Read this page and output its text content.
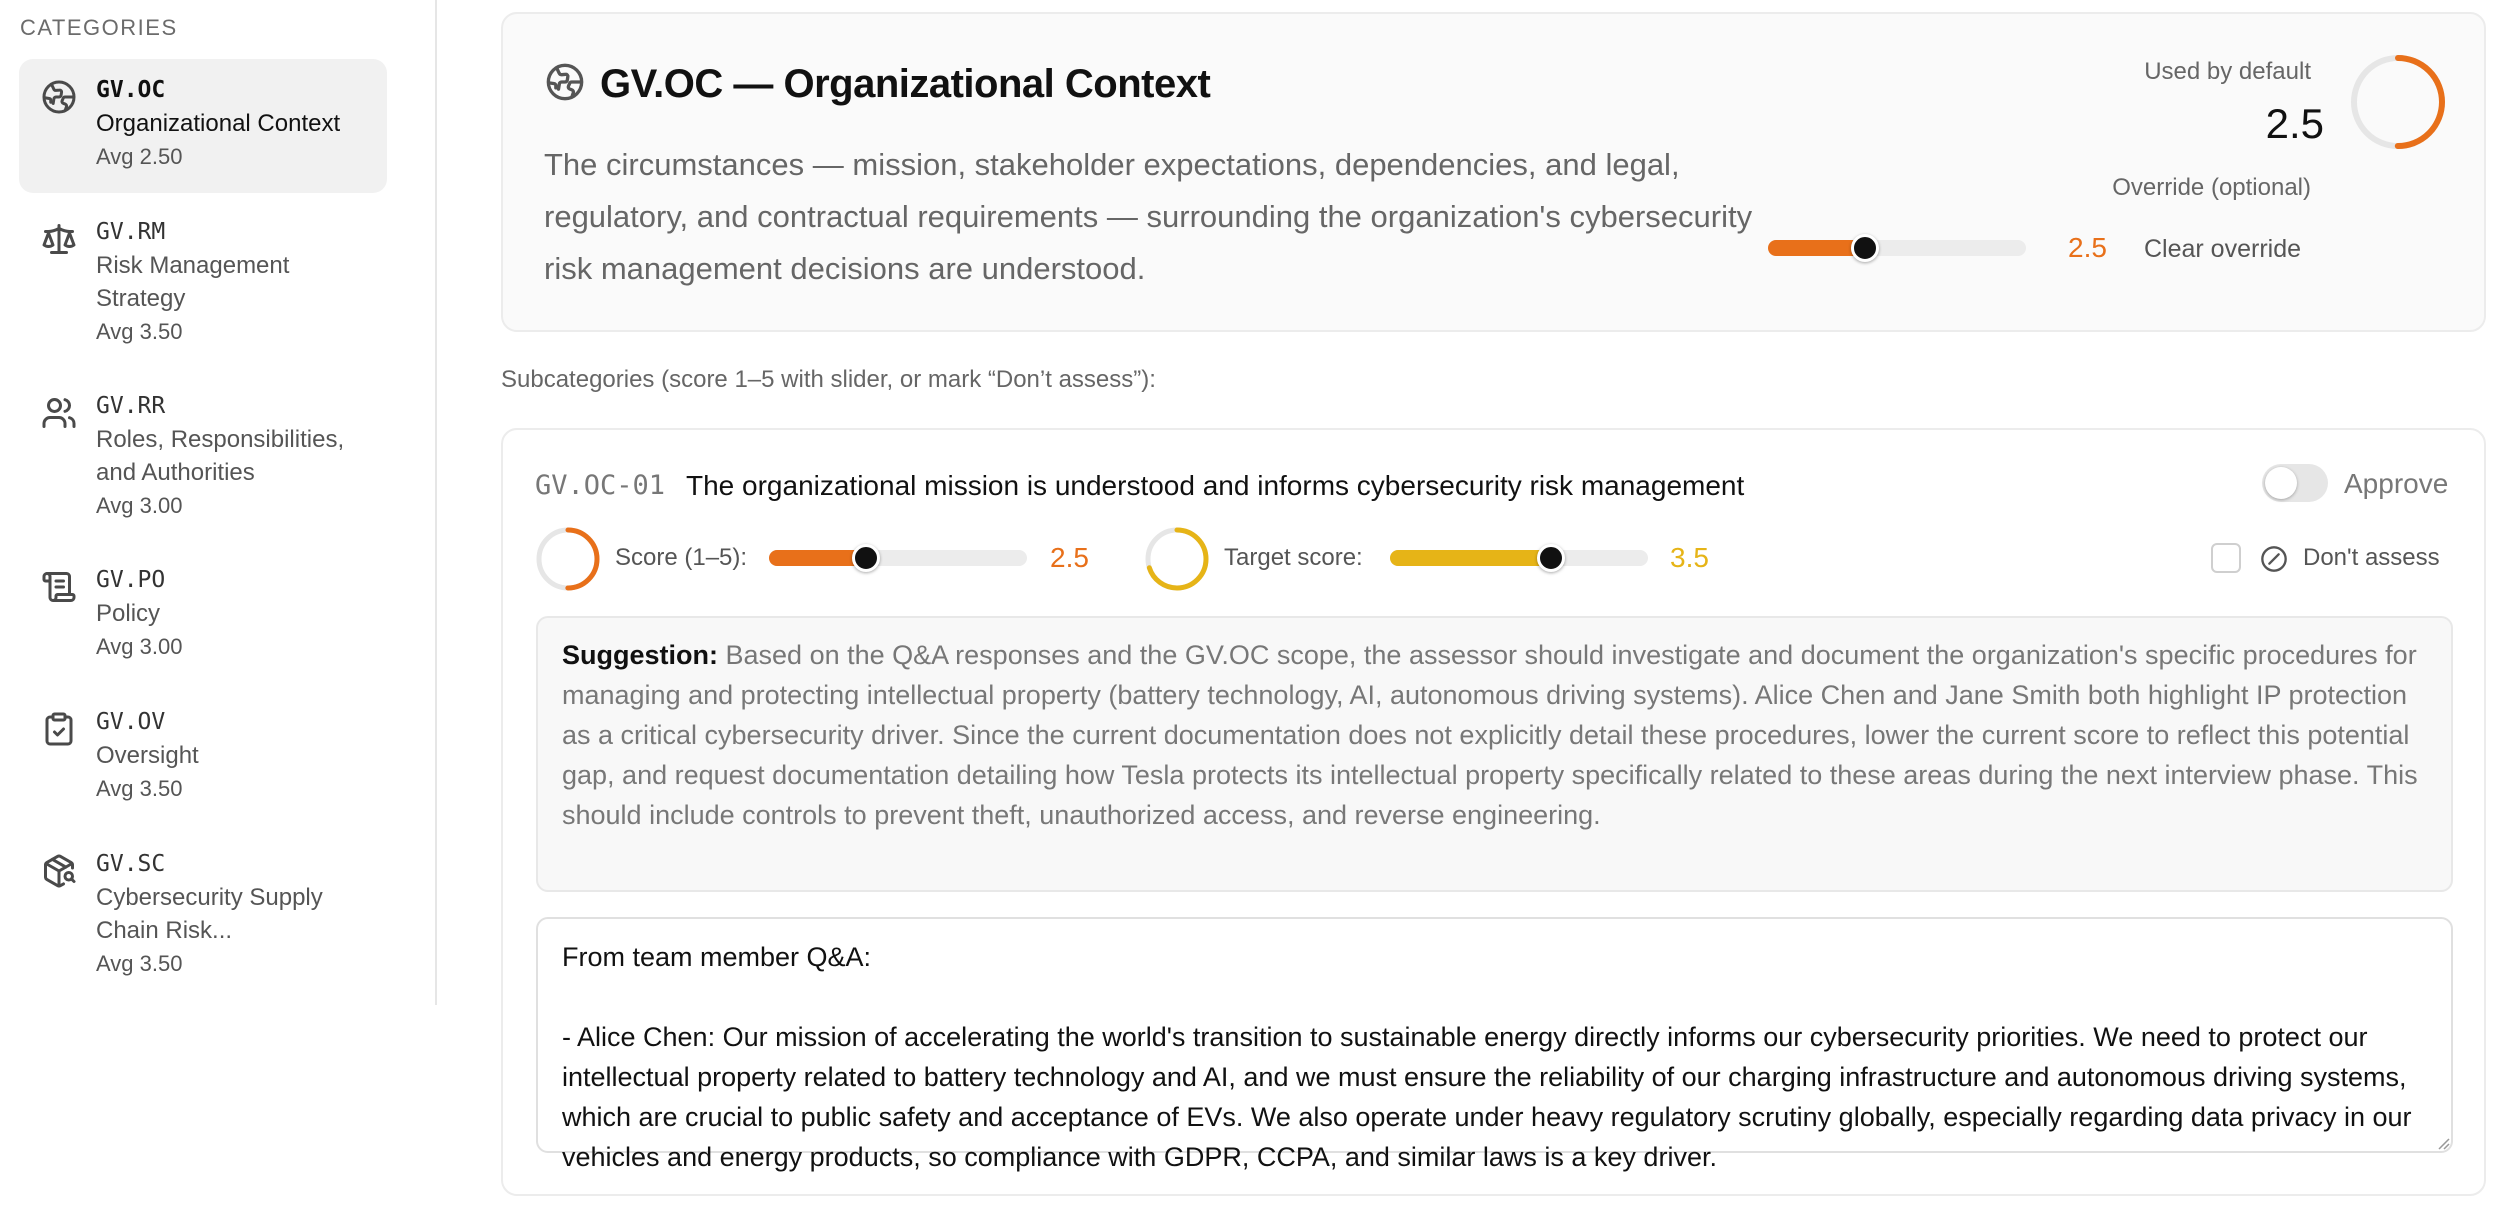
CATEGORIES
GV.OC
Organizational Context
Avg 2.50
GV.RM
Risk Management Strategy
Avg 3.50
GV.RR
Roles, Responsibilities, and Authorities
Avg 3.00
GV.PO
Policy
Avg 3.00
GV.OV
Oversight
Avg 3.50
GV.SC
Cybersecurity Supply Chain Risk...
Avg 3.50
GV.OC — Organizational Context
The circumstances — mission, stakeholder expectations, dependencies, and legal, regulatory, and contractual requirements — surrounding the organization's cybersecurity risk management decisions are understood.
Used by default
2.5
Override (optional)
2.5 Clear override
Subcategories (score 1–5 with slider, or mark “Don’t assess”):
GV.OC-01 The organizational mission is understood and informs cybersecurity risk management	Approve
Score (1–5):	2.5	Target score:	3.5	Don't assess
Suggestion: Based on the Q&A responses and the GV.OC scope, the assessor should investigate and document the organization's specific procedures for managing and protecting intellectual property (battery technology, AI, autonomous driving systems). Alice Chen and Jane Smith both highlight IP protection as a critical cybersecurity driver. Since the current documentation does not explicitly detail these procedures, lower the current score to reflect this potential gap, and request documentation detailing how Tesla protects its intellectual property specifically related to these areas during the next interview phase. This should include controls to prevent theft, unauthorized access, and reverse engineering.
From team member Q&A:

- Alice Chen: Our mission of accelerating the world's transition to sustainable energy directly informs our cybersecurity priorities. We need to protect our intellectual property related to battery technology and AI, and we must ensure the reliability of our charging infrastructure and autonomous driving systems, which are crucial to public safety and acceptance of EVs. We also operate under heavy regulatory scrutiny globally, especially regarding data privacy in our vehicles and energy products, so compliance with GDPR, CCPA, and similar laws is a key driver.
